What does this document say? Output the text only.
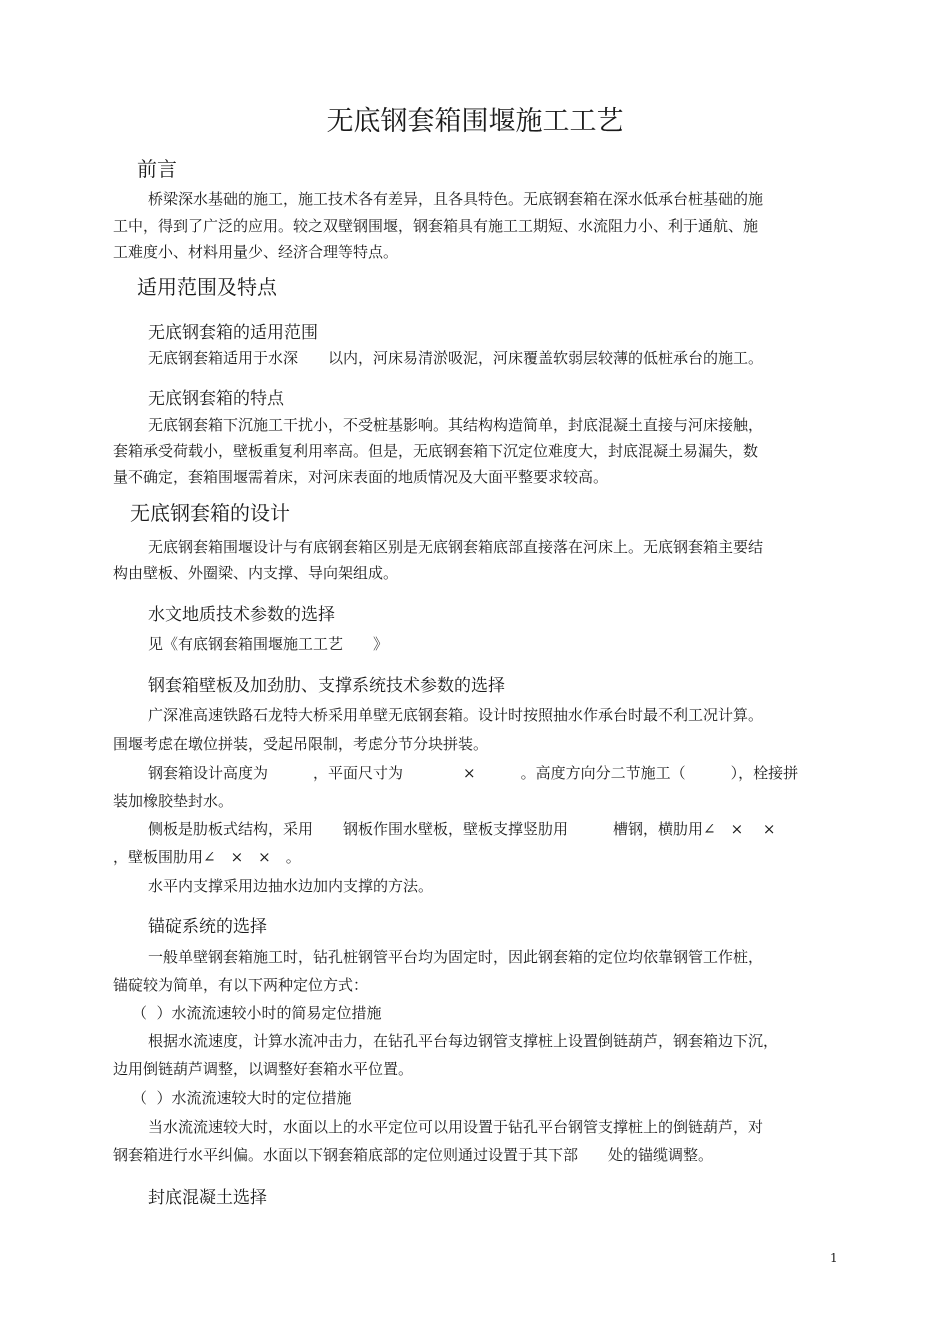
无底钢套箱围堰施工工艺
前言
桥梁深水基础的施工，施工技术各有差异，且各具特色。无底钢套箱在深水低承台桩基础的施
工中，得到了广泛的应用。较之双壁钢围堰，钢套箱具有施工工期短、水流阻力小、利于通航、施
工难度小、材料用量少、经济合理等特点。
适用范围及特点
无底钢套箱的适用范围
无底钢套箱适用于水深　　以内，河床易清淤吸泥，河床覆盖软弱层较薄的低桩承台的施工。
无底钢套箱的特点
无底钢套箱下沉施工干扰小，不受桩基影响。其结构构造简单，封底混凝土直接与河床接触，
套箱承受荷载小，壁板重复利用率高。但是，无底钢套箱下沉定位难度大，封底混凝土易漏失，数
量不确定，套箱围堰需着床，对河床表面的地质情况及大面平整要求较高。
无底钢套箱的设计
无底钢套箱围堰设计与有底钢套箱区别是无底钢套箱底部直接落在河床上。无底钢套箱主要结
构由壁板、外圈梁、内支撑、导向架组成。
水文地质技术参数的选择
见《有底钢套箱围堰施工工艺　　》
钢套箱壁板及加劲肋、支撑系统技术参数的选择
广深准高速铁路石龙特大桥采用单壁无底钢套箱。设计时按照抽水作承台时最不利工况计算。
围堰考虑在墩位拼装，受起吊限制，考虑分节分块拼装。
钢套箱设计高度为　　　，平面尺寸为　　　　×　　　。高度方向分二节施工（　　　），栓接拼
装加橡胶垫封水。
侧板是肋板式结构，采用　　钢板作围水壁板，壁板支撑竖肋用　　　槽钢，横肋用∠　×　 ×
，壁板围肋用∠　×　×　。
水平内支撑采用边抽水边加内支撑的方法。
锚碇系统的选择
一般单壁钢套箱施工时，钻孔桩钢管平台均为固定时，因此钢套箱的定位均依靠钢管工作桩，
锚碇较为简单，有以下两种定位方式：
（  ）水流流速较小时的简易定位措施
根据水流速度，计算水流冲击力，在钻孔平台每边钢管支撑桩上设置倒链葫芦，钢套箱边下沉，
边用倒链葫芦调整，以调整好套箱水平位置。
（  ）水流流速较大时的定位措施
当水流流速较大时，水面以上的水平定位可以用设置于钻孔平台钢管支撑桩上的倒链葫芦，对
钢套箱进行水平纠偏。水面以下钢套箱底部的定位则通过设置于其下部　　处的锚缆调整。
封底混凝土选择
1
